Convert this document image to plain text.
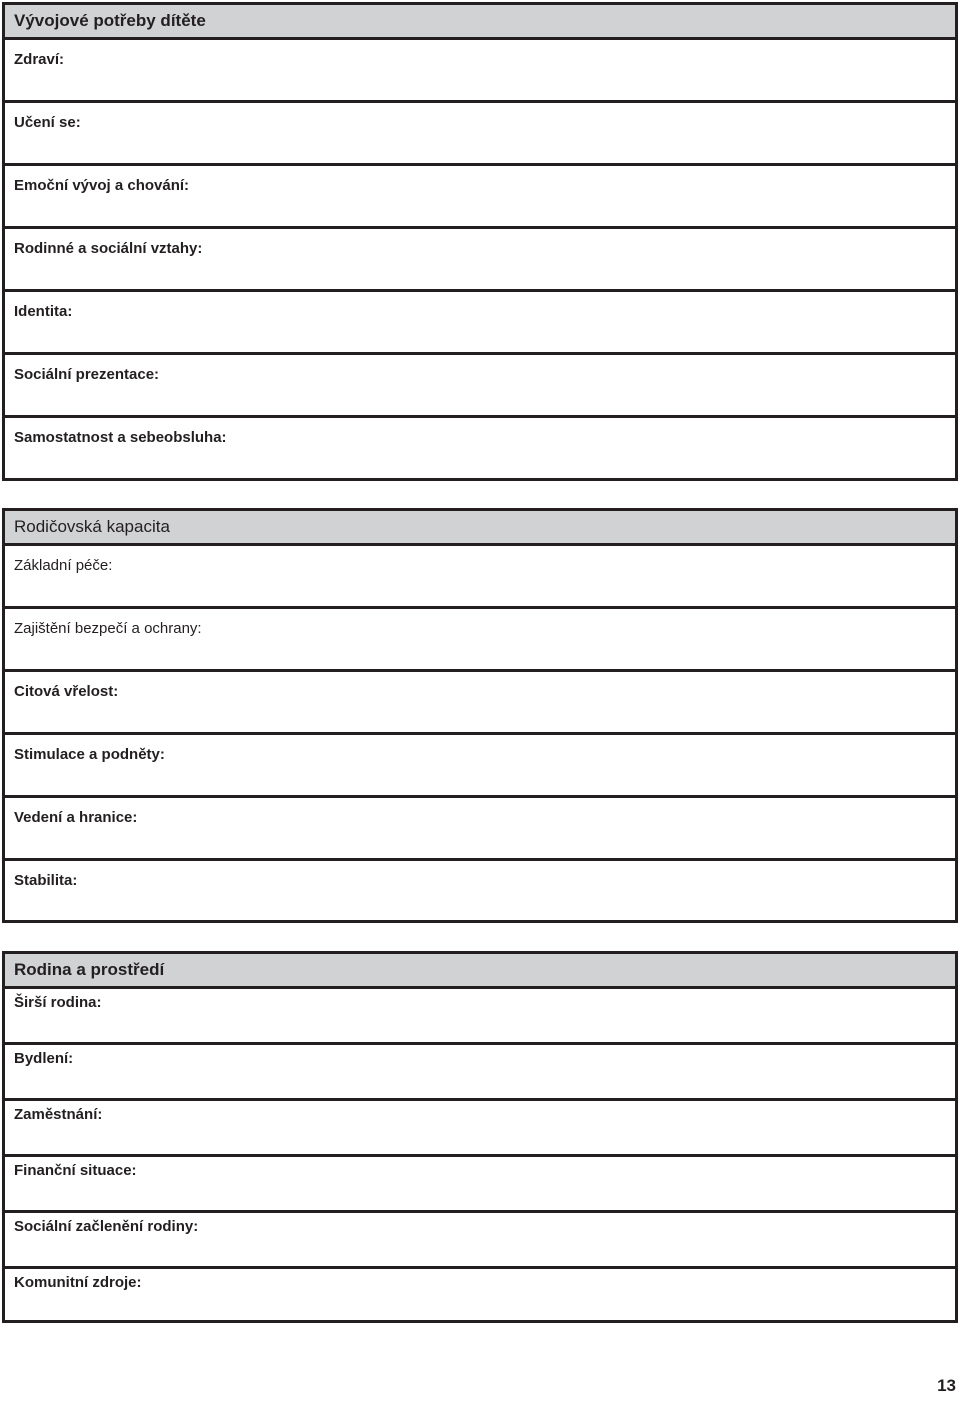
Vývojové potřeby dítěte
Zdraví:
Učení se:
Emoční vývoj a chování:
Rodinné a sociální vztahy:
Identita:
Sociální prezentace:
Samostatnost a sebeobsluha:
Rodičovská kapacita
Základní péče:
Zajištění bezpečí a ochrany:
Citová vřelost:
Stimulace a podněty:
Vedení a hranice:
Stabilita:
Rodina a prostředí
Širší rodina:
Bydlení:
Zaměstnání:
Finanční situace:
Sociální začlenění rodiny:
Komunitní zdroje:
13
